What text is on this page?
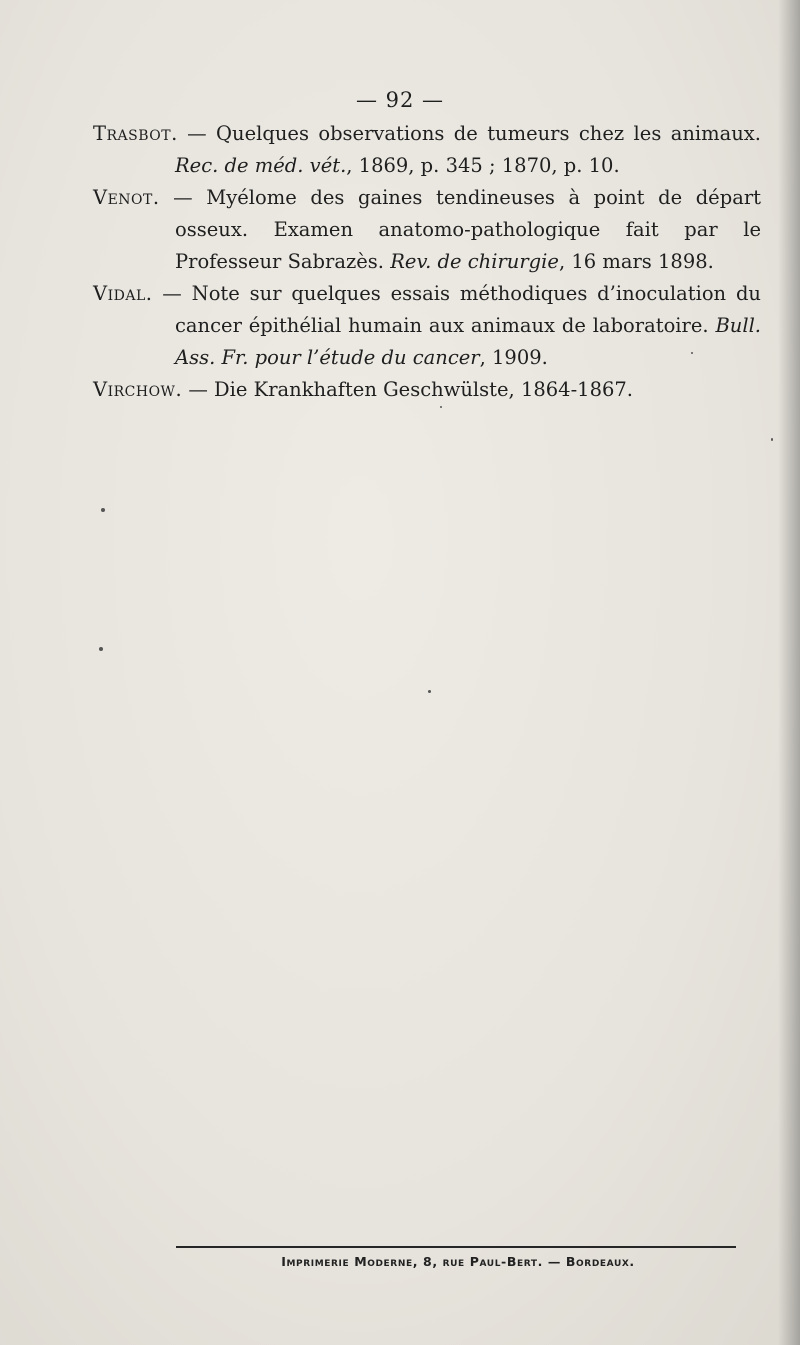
— 92 —

Trasbot. — Quelques observations de tumeurs chez les animaux. Rec. de méd. vét., 1869, p. 345 ; 1870, p. 10.

Venot. — Myélome des gaines tendineuses à point de départ osseux. Examen anatomo-pathologique fait par le Professeur Sabrazès. Rev. de chirurgie, 16 mars 1898.

Vidal. — Note sur quelques essais méthodiques d’inoculation du cancer épithélial humain aux animaux de laboratoire. Bull. Ass. Fr. pour l’étude du cancer, 1909.

Virchow. — Die Krankhaften Geschwülste, 1864-1867.

Imprimerie Moderne, 8, rue Paul-Bert. — Bordeaux.
